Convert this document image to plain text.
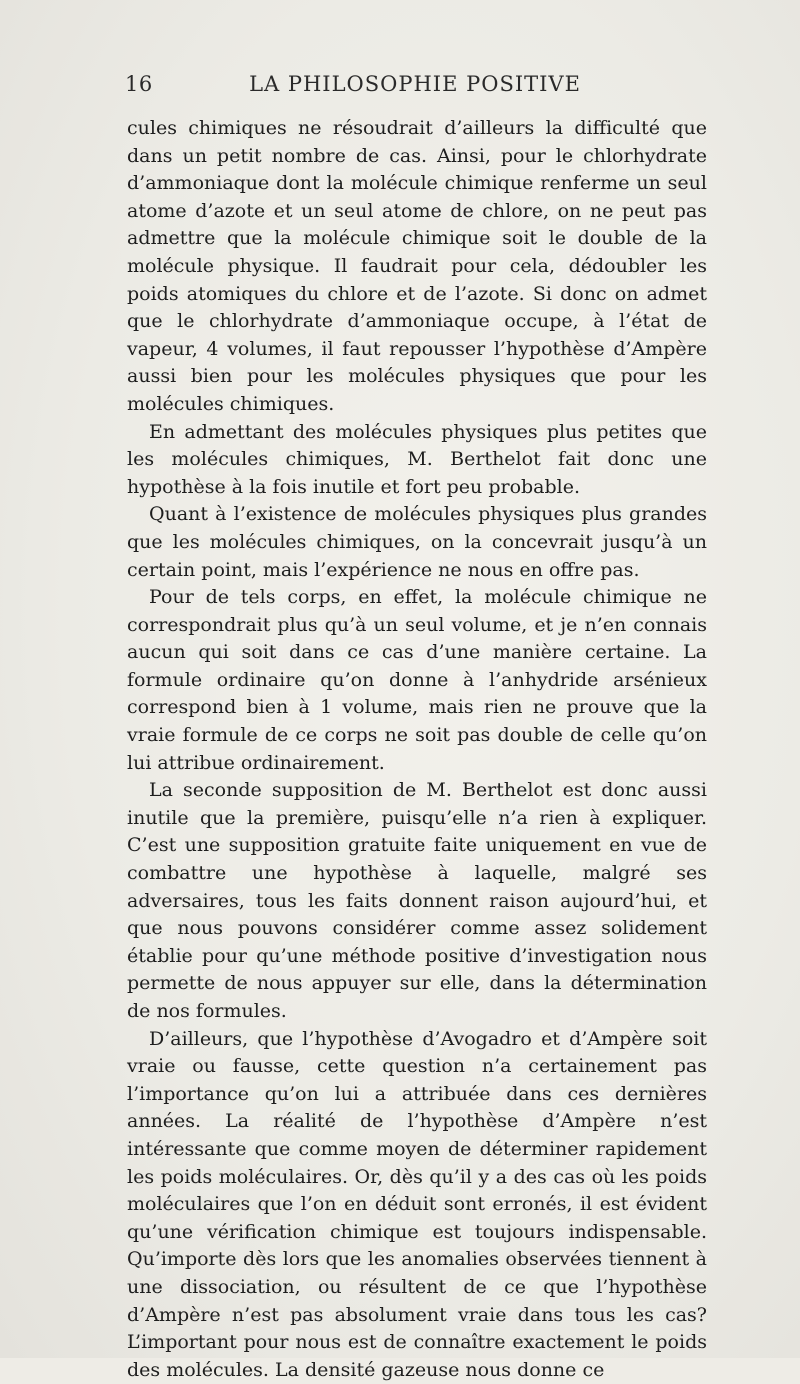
16	LA PHILOSOPHIE POSITIVE

cules chimiques ne résoudrait d’ailleurs la difficulté que dans un petit nombre de cas. Ainsi, pour le chlorhydrate d’ammoniaque dont la molécule chimique renferme un seul atome d’azote et un seul atome de chlore, on ne peut pas admettre que la molécule chimique soit le double de la molécule physique. Il faudrait pour cela, dédoubler les poids atomiques du chlore et de l’azote. Si donc on admet que le chlorhydrate d’ammoniaque occupe, à l’état de vapeur, 4 volumes, il faut repousser l’hypothèse d’Ampère aussi bien pour les molécules physiques que pour les molécules chimiques.

En admettant des molécules physiques plus petites que les molécules chimiques, M. Berthelot fait donc une hypothèse à la fois inutile et fort peu probable.

Quant à l’existence de molécules physiques plus grandes que les molécules chimiques, on la concevrait jusqu’à un certain point, mais l’expérience ne nous en offre pas.

Pour de tels corps, en effet, la molécule chimique ne correspondrait plus qu’à un seul volume, et je n’en connais aucun qui soit dans ce cas d’une manière certaine. La formule ordinaire qu’on donne à l’anhydride arsénieux correspond bien à 1 volume, mais rien ne prouve que la vraie formule de ce corps ne soit pas double de celle qu’on lui attribue ordinairement.

La seconde supposition de M. Berthelot est donc aussi inutile que la première, puisqu’elle n’a rien à expliquer. C’est une supposition gratuite faite uniquement en vue de combattre une hypothèse à laquelle, malgré ses adversaires, tous les faits donnent raison aujourd’hui, et que nous pouvons considérer comme assez solidement établie pour qu’une méthode positive d’investigation nous permette de nous appuyer sur elle, dans la détermination de nos formules.

D’ailleurs, que l’hypothèse d’Avogadro et d’Ampère soit vraie ou fausse, cette question n’a certainement pas l’importance qu’on lui a attribuée dans ces dernières années. La réalité de l’hypothèse d’Ampère n’est intéressante que comme moyen de déterminer rapidement les poids moléculaires. Or, dès qu’il y a des cas où les poids moléculaires que l’on en déduit sont erronés, il est évident qu’une vérification chimique est toujours indispensable. Qu’importe dès lors que les anomalies observées tiennent à une dissociation, ou résultent de ce que l’hypothèse d’Ampère n’est pas absolument vraie dans tous les cas? L’important pour nous est de connaître exactement le poids des molécules. La densité gazeuse nous donne ce
